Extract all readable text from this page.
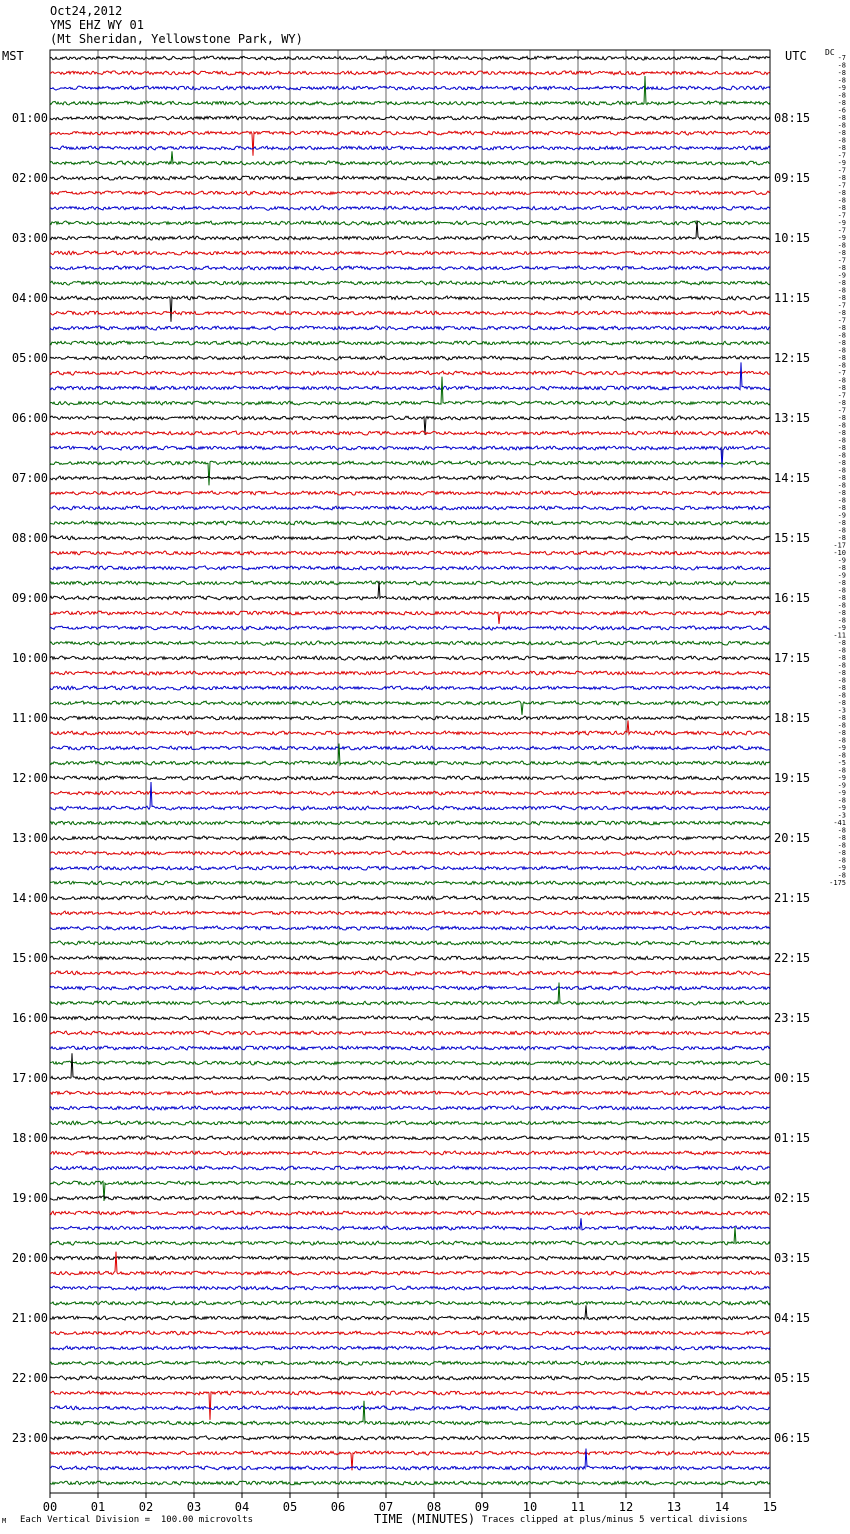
Oct24,2012
YMS EHZ WY 01
(Mt Sheridan, Yellowstone Park, WY)
MST	UTC DC
00	01	02	03	04	05	06	07	08	09	10	11	12	13	14	15
01:00
02:00
03:00
04:00
05:00
06:00
07:00
08:00
09:00
10:00
11:00
12:00
13:00
14:00
15:00
16:00
17:00
18:00
19:00
20:00
21:00
22:00
23:00
08:15
09:15
10:15
11:15
12:15
13:15
14:15
15:15
16:15
17:15
18:15
19:15
20:15
21:15
22:15
23:15
00:15
01:15
02:15
03:15
04:15
05:15
06:15
-7
-8
-8
-8
-9
-8
-8
-6
-8
-8
-8
-8
-8
-7
-9
-7
-8
-7
-8
-8
-8
-7
-9
-7
-9
-8
-8
-7
-8
-9
-8
-8
-8
-7
-8
-7
-8
-8
-8
-8
-8
-8
-7
-8
-8
-7
-8
-7
-8
-8
-8
-8
-8
-8
-8
-8
-8
-8
-8
-8
-8
-9
-8
-8
-8
-17
-10
-9
-8
-9
-8
-8
-8
-8
-8
-8
-9
-11
-8
-8
-8
-8
-8
-8
-8
-8
-8
-3
-8
-8
-8
-8
-9
-8
-5
-8
-9
-9
-9
-8
-9
-3
-41
-8
-8
-8
-8
-8
-9
-8
-175
M Each Vertical Division =  100.00 microvolts	TIME (MINUTES) Traces clipped at plus/minus 5 vertical divisions
